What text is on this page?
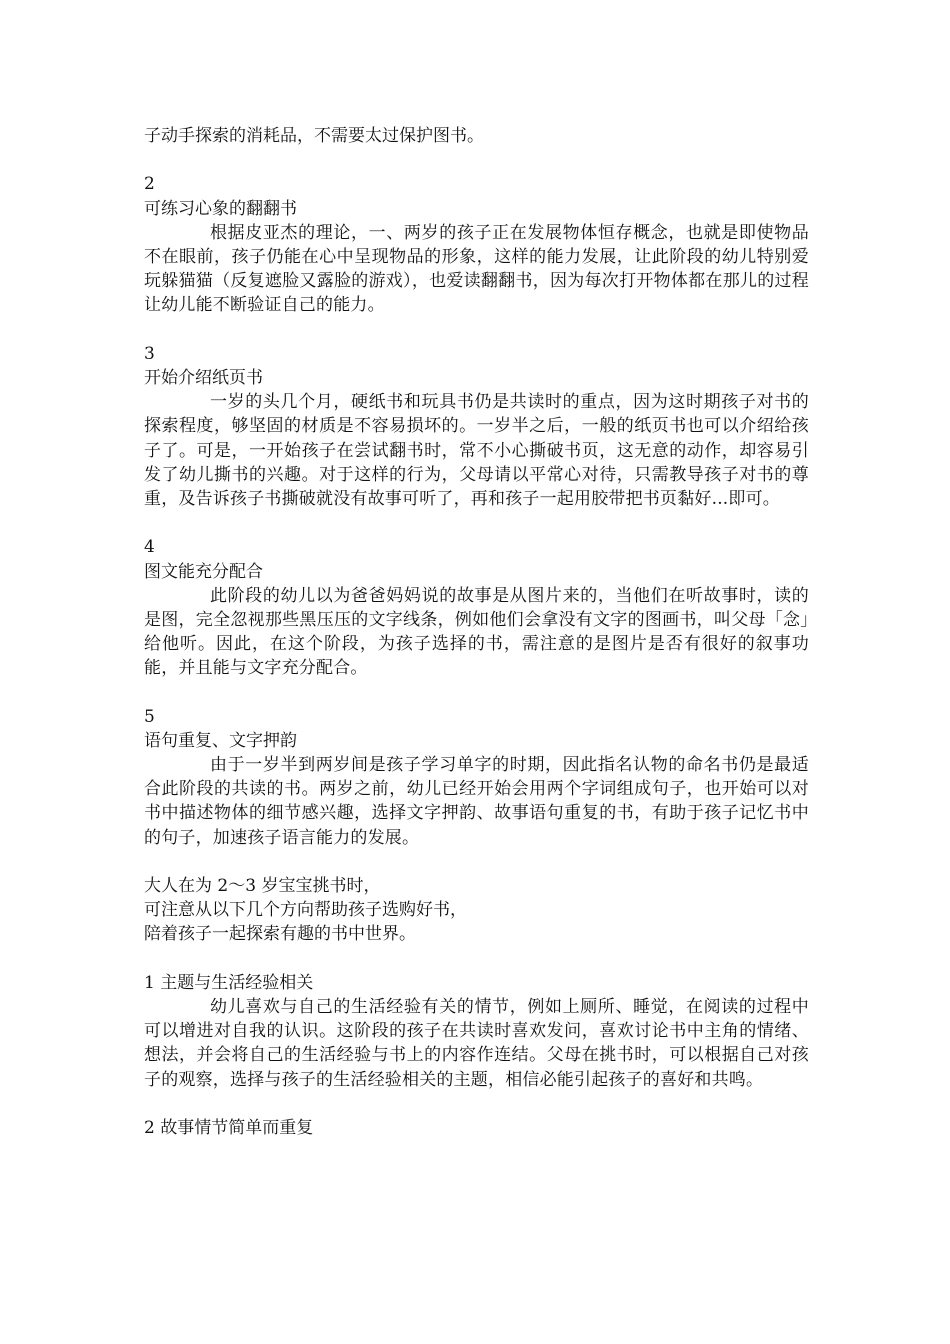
子动手探索的消耗品，不需要太过保护图书。
2
可练习心象的翻翻书
根据皮亚杰的理论，一、两岁的孩子正在发展物体恒存概念，也就是即使物品不在眼前，孩子仍能在心中呈现物品的形象，这样的能力发展，让此阶段的幼儿特别爱玩躲猫猫（反复遮脸又露脸的游戏），也爱读翻翻书，因为每次打开物体都在那儿的过程让幼儿能不断验证自己的能力。
3
开始介绍纸页书
一岁的头几个月，硬纸书和玩具书仍是共读时的重点，因为这时期孩子对书的探索程度，够坚固的材质是不容易损坏的。一岁半之后，一般的纸页书也可以介绍给孩子了。可是，一开始孩子在尝试翻书时，常不小心撕破书页，这无意的动作，却容易引发了幼儿撕书的兴趣。对于这样的行为，父母请以平常心对待，只需教导孩子对书的尊重，及告诉孩子书撕破就没有故事可听了，再和孩子一起用胶带把书页黏好...即可。
4
图文能充分配合
此阶段的幼儿以为爸爸妈妈说的故事是从图片来的，当他们在听故事时，读的是图，完全忽视那些黑压压的文字线条，例如他们会拿没有文字的图画书，叫父母「念」给他听。因此，在这个阶段，为孩子选择的书，需注意的是图片是否有很好的叙事功能，并且能与文字充分配合。
5
语句重复、文字押韵
由于一岁半到两岁间是孩子学习单字的时期，因此指名认物的命名书仍是最适合此阶段的共读的书。两岁之前，幼儿已经开始会用两个字词组成句子，也开始可以对书中描述物体的细节感兴趣，选择文字押韵、故事语句重复的书，有助于孩子记忆书中的句子，加速孩子语言能力的发展。
大人在为 2～3 岁宝宝挑书时，
可注意从以下几个方向帮助孩子选购好书，
陪着孩子一起探索有趣的书中世界。
1 主题与生活经验相关
幼儿喜欢与自己的生活经验有关的情节，例如上厕所、睡觉，在阅读的过程中可以增进对自我的认识。这阶段的孩子在共读时喜欢发问，喜欢讨论书中主角的情绪、想法，并会将自己的生活经验与书上的内容作连结。父母在挑书时，可以根据自己对孩子的观察，选择与孩子的生活经验相关的主题，相信必能引起孩子的喜好和共鸣。
2 故事情节简单而重复
